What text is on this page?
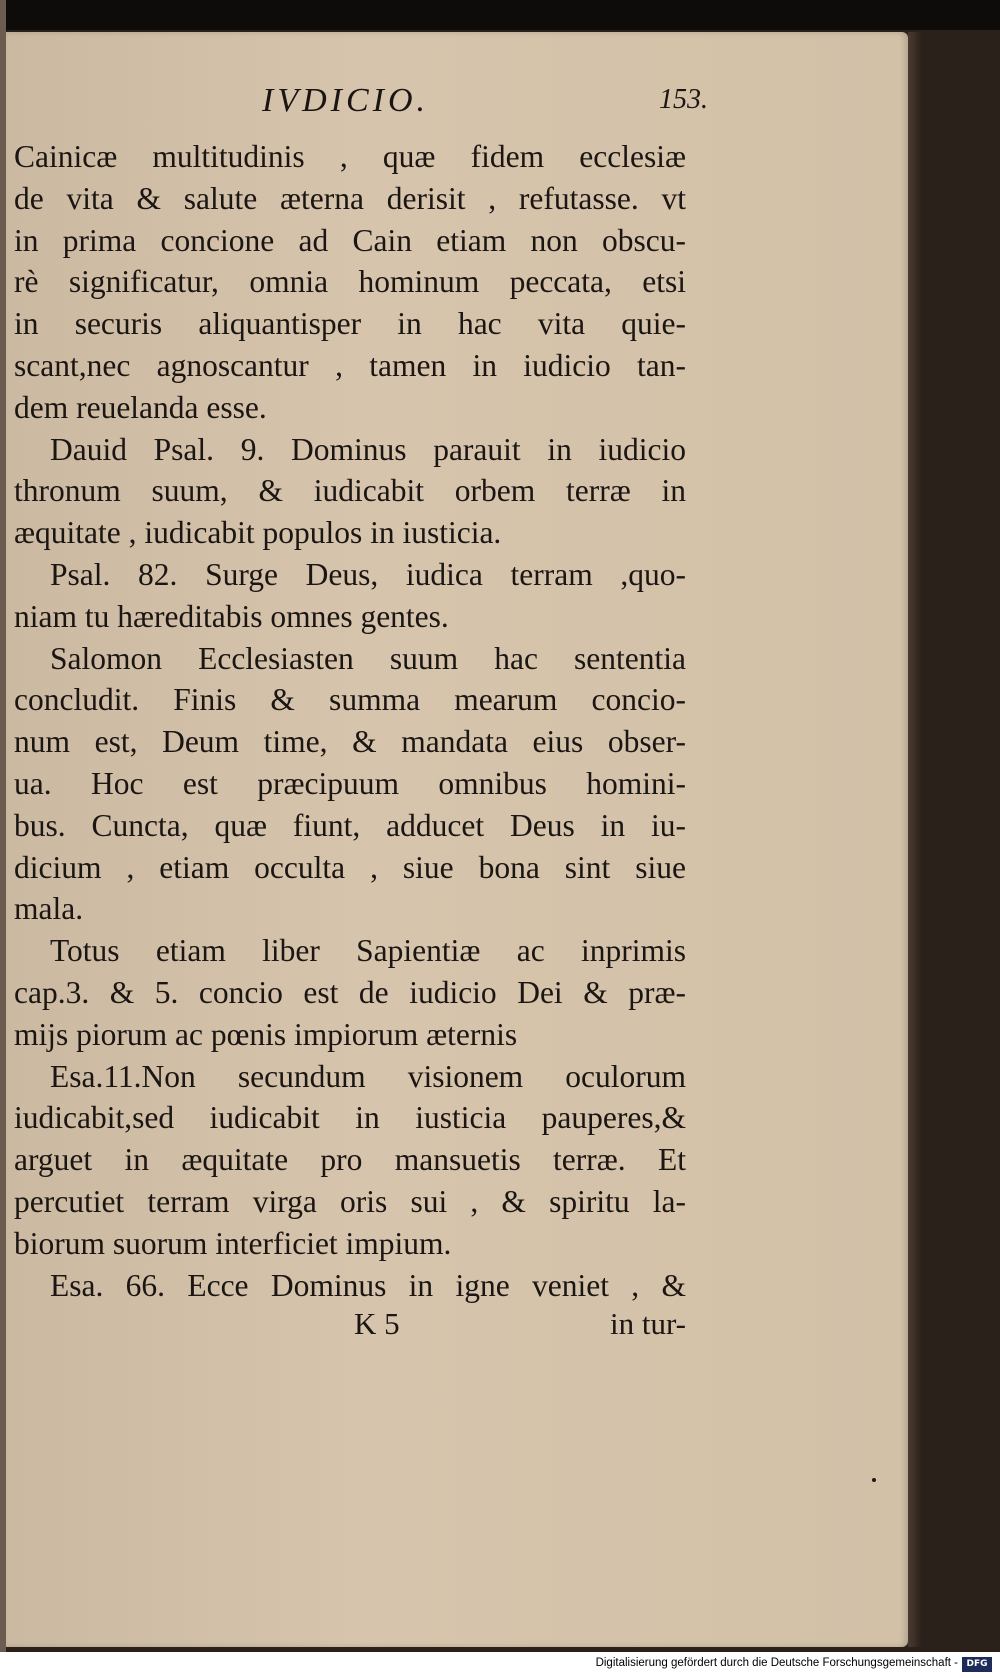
IVDICIO.	153.
Cainicæ multitudinis , quæ fidem ecclesiæ
de vita & salute æterna derisit , refutasse. vt
in prima concione ad Cain etiam non obscu-
rè significatur, omnia hominum peccata, etsi
in securis aliquantisper in hac vita quie-
scant,nec agnoscantur , tamen in iudicio tan-
dem reuelanda esse.
Dauid Psal. 9. Dominus parauit in iudicio
thronum suum, & iudicabit orbem terræ in
æquitate , iudicabit populos in iusticia.
Psal. 82. Surge Deus, iudica terram ,quo-
niam tu hæreditabis omnes gentes.
Salomon Ecclesiasten suum hac sententia
concludit. Finis & summa mearum concio-
num est, Deum time, & mandata eius obser-
ua. Hoc est præcipuum omnibus homini-
bus. Cuncta, quæ fiunt, adducet Deus in iu-
dicium , etiam occulta , siue bona sint siue
mala.
Totus etiam liber Sapientiæ ac inprimis
cap.3. & 5. concio est de iudicio Dei & præ-
mijs piorum ac pœnis impiorum æternis
Esa.11.Non secundum visionem oculorum
iudicabit,sed iudicabit in iusticia pauperes,&
arguet in æquitate pro mansuetis terræ. Et
percutiet terram virga oris sui , & spiritu la-
biorum suorum interficiet impium.
Esa. 66. Ecce Dominus in igne veniet , &
K 5	in tur-
Digitalisierung gefördert durch die Deutsche Forschungsgemeinschaft - DFG
